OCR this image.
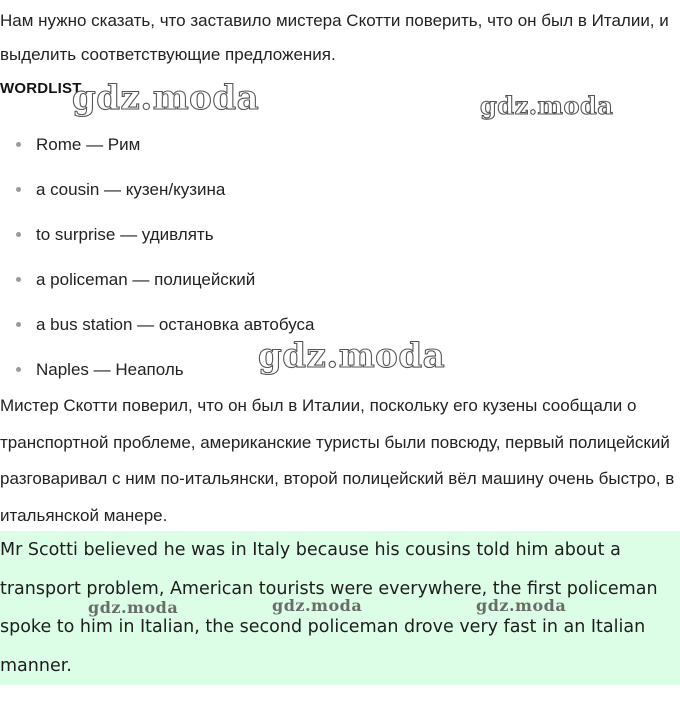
Нам нужно сказать, что заставило мистера Скотти поверить, что он был в Италии, и выделить соответствующие предложения.

WORDLIST
Rome — Рим
a cousin — кузен/кузина
to surprise — удивлять
a policeman — полицейский
a bus station — остановка автобуса
Naples — Неаполь

Мистер Скотти поверил, что он был в Италии, поскольку его кузены сообщали о транспортной проблеме, американские туристы были повсюду, первый полицейский разговаривал с ним по-итальянски, второй полицейский вёл машину очень быстро, в итальянской манере.

Mr Scotti believed he was in Italy because his cousins told him about a transport problem, American tourists were everywhere, the first policeman spoke to him in Italian, the second policeman drove very fast in an Italian manner.

gdz.moda	gdz.moda
gdz.moda
gdz.moda	gdz.moda	gdz.moda
